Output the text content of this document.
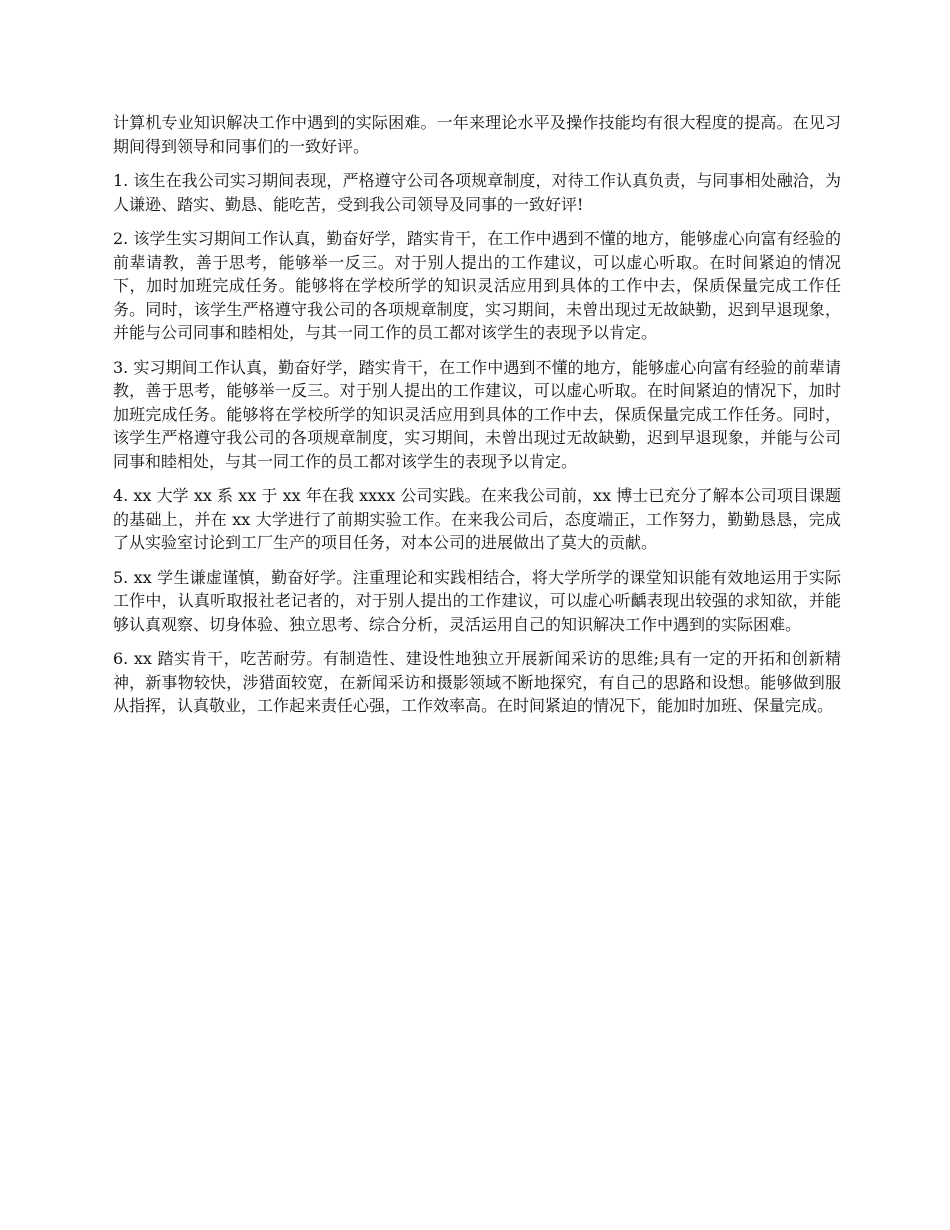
计算机专业知识解决工作中遇到的实际困难。一年来理论水平及操作技能均有很大程度的提高。在见习期间得到领导和同事们的一致好评。

1. 该生在我公司实习期间表现，严格遵守公司各项规章制度，对待工作认真负责，与同事相处融洽，为人谦逊、踏实、勤恳、能吃苦，受到我公司领导及同事的一致好评!

2. 该学生实习期间工作认真，勤奋好学，踏实肯干，在工作中遇到不懂的地方，能够虚心向富有经验的前辈请教，善于思考，能够举一反三。对于别人提出的工作建议，可以虚心听取。在时间紧迫的情况下，加时加班完成任务。能够将在学校所学的知识灵活应用到具体的工作中去，保质保量完成工作任务。同时，该学生严格遵守我公司的各项规章制度，实习期间，未曾出现过无故缺勤，迟到早退现象，并能与公司同事和睦相处，与其一同工作的员工都对该学生的表现予以肯定。

3. 实习期间工作认真，勤奋好学，踏实肯干，在工作中遇到不懂的地方，能够虚心向富有经验的前辈请教，善于思考，能够举一反三。对于别人提出的工作建议，可以虚心听取。在时间紧迫的情况下，加时加班完成任务。能够将在学校所学的知识灵活应用到具体的工作中去，保质保量完成工作任务。同时，该学生严格遵守我公司的各项规章制度，实习期间，未曾出现过无故缺勤，迟到早退现象，并能与公司同事和睦相处，与其一同工作的员工都对该学生的表现予以肯定。

4. xx 大学 xx 系 xx 于 xx 年在我 xxxx 公司实践。在来我公司前，xx 博士已充分了解本公司项目课题的基础上，并在 xx 大学进行了前期实验工作。在来我公司后，态度端正，工作努力，勤勤恳恳，完成了从实验室讨论到工厂生产的项目任务，对本公司的进展做出了莫大的贡献。

5. xx 学生谦虚谨慎，勤奋好学。注重理论和实践相结合，将大学所学的课堂知识能有效地运用于实际工作中，认真听取报社老记者的，对于别人提出的工作建议，可以虚心听齲表现出较强的求知欲，并能够认真观察、切身体验、独立思考、综合分析，灵活运用自己的知识解决工作中遇到的实际困难。

6. xx 踏实肯干，吃苦耐劳。有制造性、建设性地独立开展新闻采访的思维;具有一定的开拓和创新精神，新事物较快，涉猎面较宽，在新闻采访和摄影领域不断地探究，有自己的思路和设想。能够做到服从指挥，认真敬业，工作起来责任心强，工作效率高。在时间紧迫的情况下，能加时加班、保量完成。
